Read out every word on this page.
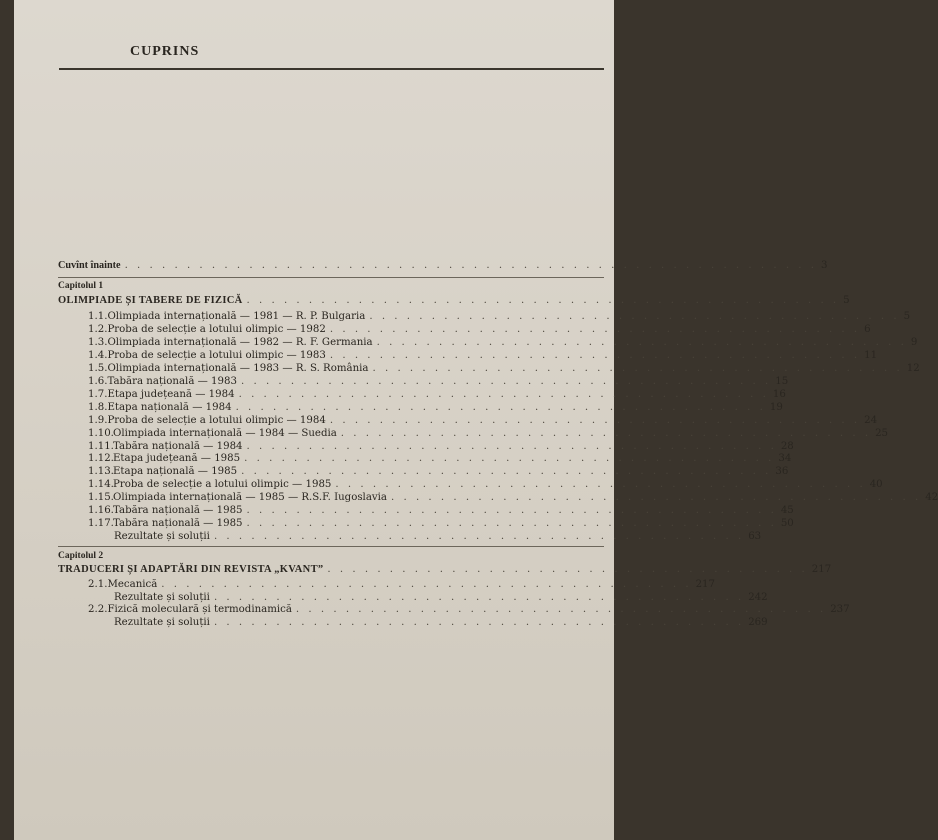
CUPRINS
Cuvînt înainte . . . . . . . . . . . . . . . . . . . . . . . . . . . . . . . . . . . . . . . . . . . . . . . . . . . . . . . . 3
Capitolul 1
OLIMPIADE ȘI TABERE DE FIZICĂ . . . . . . . . . . . . . . . . . . . . . . . . . . . . . . . . . . . . . . . . . . . . . . . . 5
1.1. Olimpiada internațională — 1981 — R. P. Bulgaria . . . . . . . . . . . . . . . . . . . . . . . . . . . . . . . . . . . . . . . . . . . 5
1.2. Proba de selecție a lotului olimpic — 1982 . . . . . . . . . . . . . . . . . . . . . . . . . . . . . . . . . . . . . . . . . . . 6
1.3. Olimpiada internațională — 1982 — R. F. Germania . . . . . . . . . . . . . . . . . . . . . . . . . . . . . . . . . . . . . . . . . . . 9
1.4. Proba de selecție a lotului olimpic — 1983 . . . . . . . . . . . . . . . . . . . . . . . . . . . . . . . . . . . . . . . . . . . 11
1.5. Olimpiada internațională — 1983 — R. S. România . . . . . . . . . . . . . . . . . . . . . . . . . . . . . . . . . . . . . . . . . . . 12
1.6. Tabăra națională — 1983 . . . . . . . . . . . . . . . . . . . . . . . . . . . . . . . . . . . . . . . . . . . 15
1.7. Etapa județeană — 1984 . . . . . . . . . . . . . . . . . . . . . . . . . . . . . . . . . . . . . . . . . . . 16
1.8. Etapa națională — 1984 . . . . . . . . . . . . . . . . . . . . . . . . . . . . . . . . . . . . . . . . . . . 19
1.9. Proba de selecție a lotului olimpic — 1984 . . . . . . . . . . . . . . . . . . . . . . . . . . . . . . . . . . . . . . . . . . . 24
1.10. Olimpiada internațională — 1984 — Suedia . . . . . . . . . . . . . . . . . . . . . . . . . . . . . . . . . . . . . . . . . . . 25
1.11. Tabăra națională — 1984 . . . . . . . . . . . . . . . . . . . . . . . . . . . . . . . . . . . . . . . . . . . 28
1.12. Etapa județeană — 1985 . . . . . . . . . . . . . . . . . . . . . . . . . . . . . . . . . . . . . . . . . . . 34
1.13. Etapa națională — 1985 . . . . . . . . . . . . . . . . . . . . . . . . . . . . . . . . . . . . . . . . . . . 36
1.14. Proba de selecție a lotului olimpic — 1985 . . . . . . . . . . . . . . . . . . . . . . . . . . . . . . . . . . . . . . . . . . . 40
1.15. Olimpiada internațională — 1985 — R.S.F. Iugoslavia . . . . . . . . . . . . . . . . . . . . . . . . . . . . . . . . . . . . . . . . . . . 42
1.16. Tabăra națională — 1985 . . . . . . . . . . . . . . . . . . . . . . . . . . . . . . . . . . . . . . . . . . . 45
1.17. Tabăra națională — 1985 . . . . . . . . . . . . . . . . . . . . . . . . . . . . . . . . . . . . . . . . . . . 50
Rezultate și soluții . . . . . . . . . . . . . . . . . . . . . . . . . . . . . . . . . . . . . . . . . . . 63
Capitolul 2
TRADUCERI ȘI ADAPTĂRI DIN REVISTA „KVANT” . . . . . . . . . . . . . . . . . . . . . . . . . . . . . . . . . . . . . . . 217
2.1. Mecanică . . . . . . . . . . . . . . . . . . . . . . . . . . . . . . . . . . . . . . . . . . . 217
Rezultate și soluții . . . . . . . . . . . . . . . . . . . . . . . . . . . . . . . . . . . . . . . . . . . 242
2.2. Fizică moleculară și termodinamică . . . . . . . . . . . . . . . . . . . . . . . . . . . . . . . . . . . . . . . . . . . 237
Rezultate și soluții . . . . . . . . . . . . . . . . . . . . . . . . . . . . . . . . . . . . . . . . . . . 269
